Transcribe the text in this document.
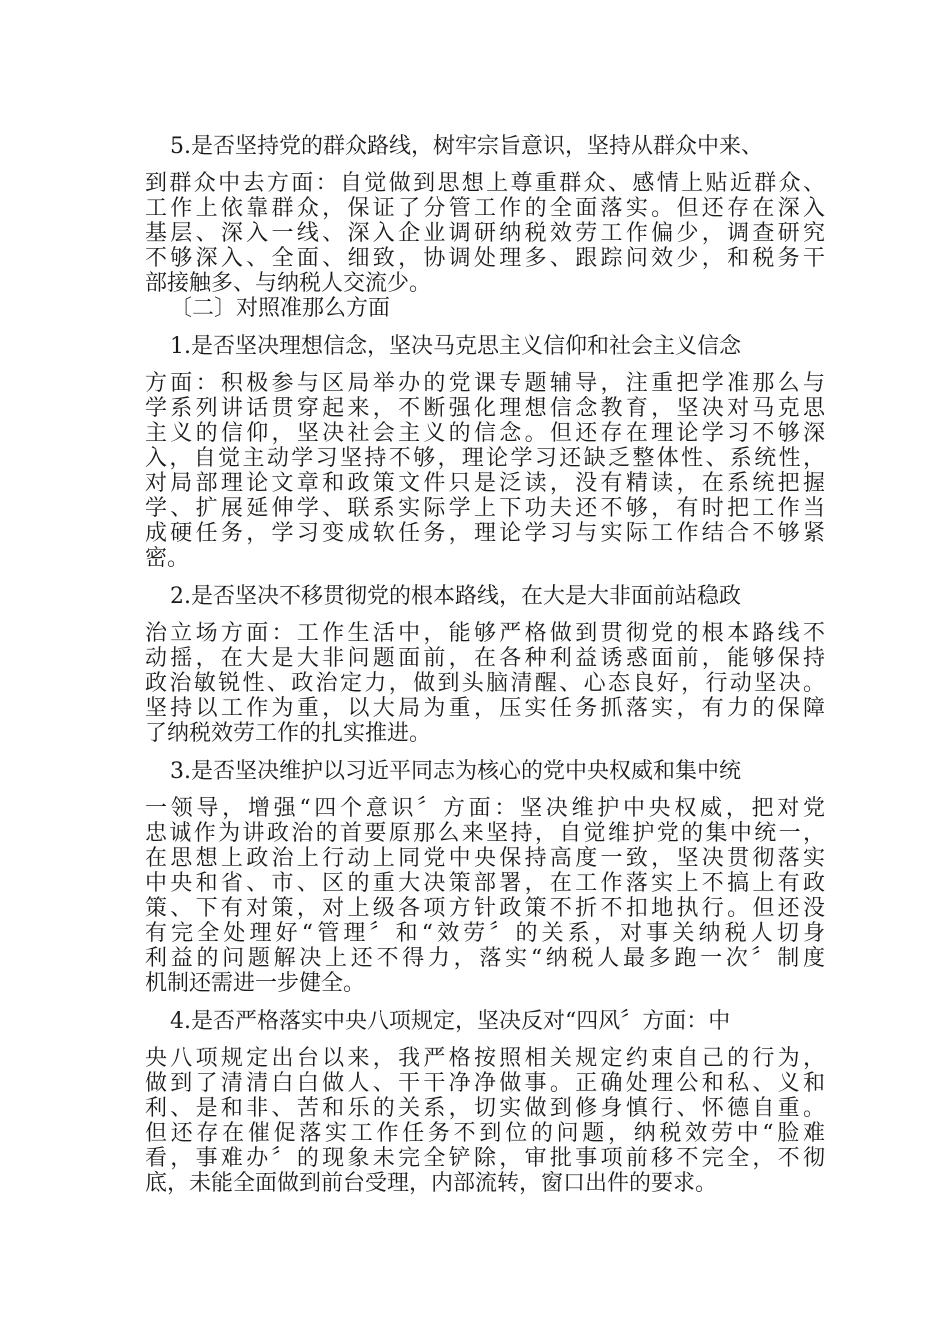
5.是否坚持党的群众路线，树牢宗旨意识，坚持从群众中来、
到群众中去方面：自觉做到思想上尊重群众、感情上贴近群众、
工作上依靠群众，保证了分管工作的全面落实。但还存在深入
基层、深入一线、深入企业调研纳税效劳工作偏少，调查研究
不够深入、全面、细致，协调处理多、跟踪问效少，和税务干
部接触多、与纳税人交流少。
〔二〕对照准那么方面
1.是否坚决理想信念，坚决马克思主义信仰和社会主义信念
方面：积极参与区局举办的党课专题辅导，注重把学准那么与
学系列讲话贯穿起来，不断强化理想信念教育，坚决对马克思
主义的信仰，坚决社会主义的信念。但还存在理论学习不够深
入，自觉主动学习坚持不够，理论学习还缺乏整体性、系统性，
对局部理论文章和政策文件只是泛读，没有精读，在系统把握
学、扩展延伸学、联系实际学上下功夫还不够，有时把工作当
成硬任务，学习变成软任务，理论学习与实际工作结合不够紧
密。
2.是否坚决不移贯彻党的根本路线，在大是大非面前站稳政
治立场方面：工作生活中，能够严格做到贯彻党的根本路线不
动摇，在大是大非问题面前，在各种利益诱惑面前，能够保持
政治敏锐性、政治定力，做到头脑清醒、心态良好，行动坚决。
坚持以工作为重，以大局为重，压实任务抓落实，有力的保障
了纳税效劳工作的扎实推进。
3.是否坚决维护以习近平同志为核心的党中央权威和集中统
一领导，增强“四个意识〞方面：坚决维护中央权威，把对党
忠诚作为讲政治的首要原那么来坚持，自觉维护党的集中统一，
在思想上政治上行动上同党中央保持高度一致，坚决贯彻落实
中央和省、市、区的重大决策部署，在工作落实上不搞上有政
策、下有对策，对上级各项方针政策不折不扣地执行。但还没
有完全处理好“管理〞和“效劳〞的关系，对事关纳税人切身
利益的问题解决上还不得力，落实“纳税人最多跑一次〞制度
机制还需进一步健全。
4.是否严格落实中央八项规定，坚决反对“四风〞方面：中
央八项规定出台以来，我严格按照相关规定约束自己的行为，
做到了清清白白做人、干干净净做事。正确处理公和私、义和
利、是和非、苦和乐的关系，切实做到修身慎行、怀德自重。
但还存在催促落实工作任务不到位的问题，纳税效劳中“脸难
看，事难办〞的现象未完全铲除，审批事项前移不完全，不彻
底，未能全面做到前台受理，内部流转，窗口出件的要求。
